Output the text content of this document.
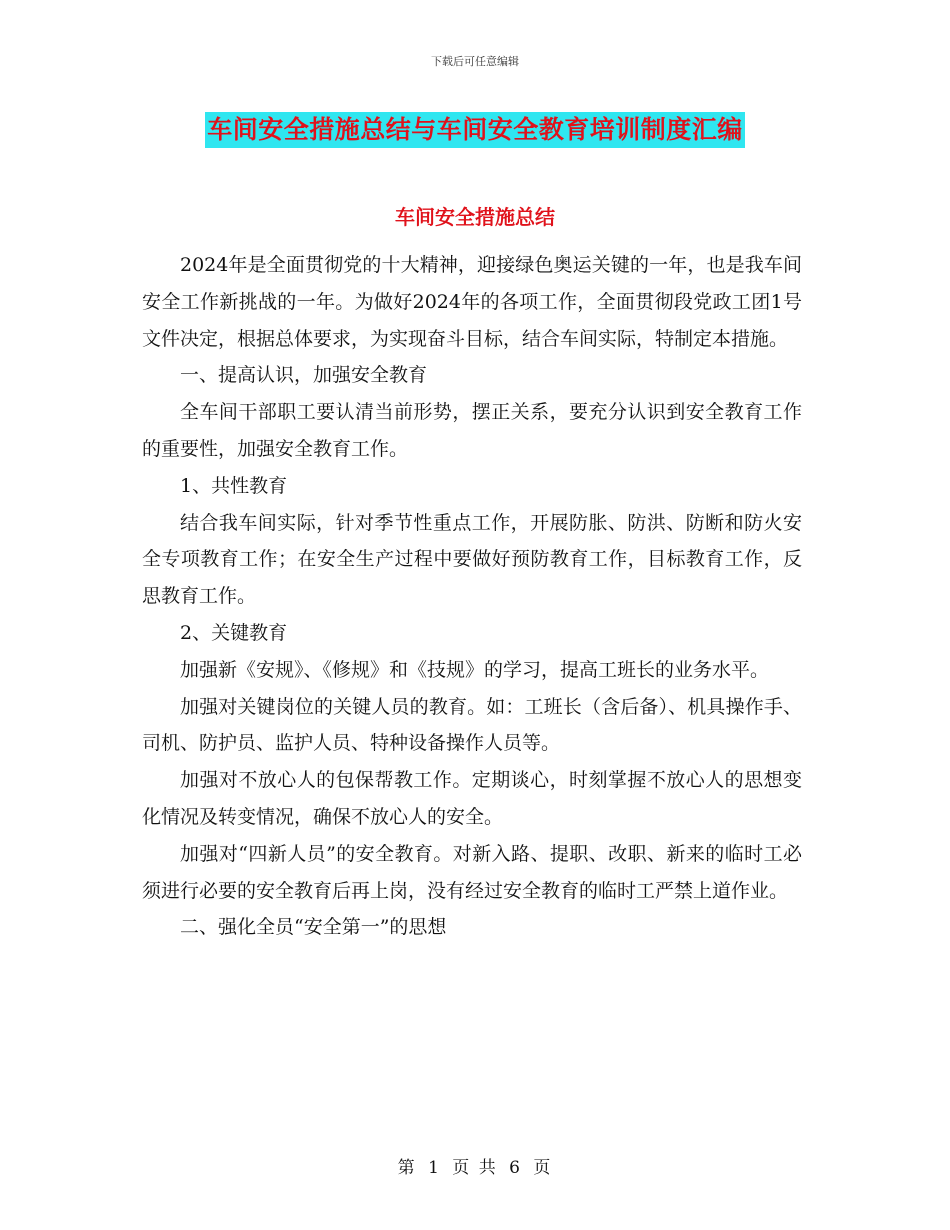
下载后可任意编辑
车间安全措施总结与车间安全教育培训制度汇编
车间安全措施总结

2024年是全面贯彻党的十大精神，迎接绿色奥运关键的一年，也是我车间安全工作新挑战的一年。为做好2024年的各项工作，全面贯彻段党政工团1号文件决定，根据总体要求，为实现奋斗目标，结合车间实际，特制定本措施。

一、提高认识，加强安全教育

全车间干部职工要认清当前形势，摆正关系，要充分认识到安全教育工作的重要性，加强安全教育工作。

1、共性教育

结合我车间实际，针对季节性重点工作，开展防胀、防洪、防断和防火安全专项教育工作；在安全生产过程中要做好预防教育工作，目标教育工作，反思教育工作。

2、关键教育

加强新《安规》、《修规》和《技规》的学习，提高工班长的业务水平。

加强对关键岗位的关键人员的教育。如：工班长（含后备）、机具操作手、司机、防护员、监护人员、特种设备操作人员等。

加强对不放心人的包保帮教工作。定期谈心，时刻掌握不放心人的思想变化情况及转变情况，确保不放心人的安全。

加强对“四新人员”的安全教育。对新入路、提职、改职、新来的临时工必须进行必要的安全教育后再上岗，没有经过安全教育的临时工严禁上道作业。

二、强化全员“安全第一”的思想

第 1 页 共 6 页
